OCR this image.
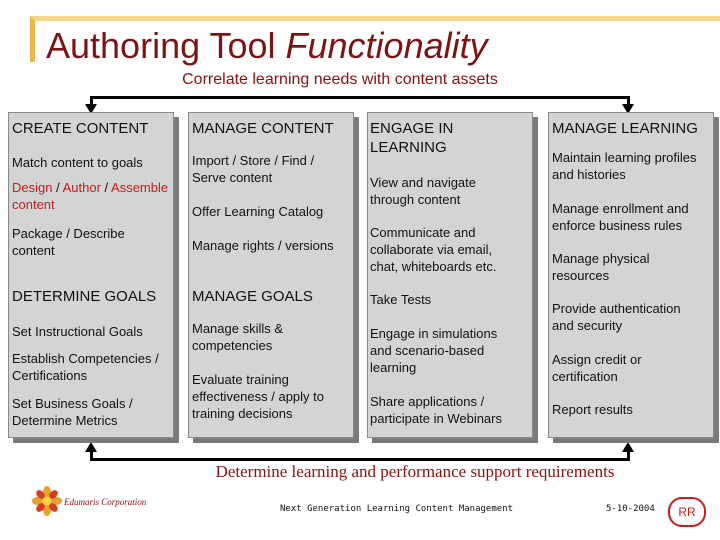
Authoring Tool Functionality
Correlate learning needs with content assets
CREATE CONTENT
Match content to goals
Design / Author / Assemble content
Package / Describe content
DETERMINE GOALS
Set Instructional Goals
Establish Competencies / Certifications
Set Business Goals / Determine Metrics
MANAGE CONTENT
Import / Store / Find / Serve content
Offer Learning Catalog
Manage rights / versions
MANAGE GOALS
Manage skills & competencies
Evaluate training effectiveness / apply to training decisions
ENGAGE IN LEARNING
View and navigate through content
Communicate and collaborate via email, chat, whiteboards etc.
Take Tests
Engage in simulations and scenario-based learning
Share applications / participate in Webinars
MANAGE LEARNING
Maintain learning profiles and histories
Manage enrollment and enforce business rules
Manage physical resources
Provide authentication and security
Assign credit or certification
Report results
Determine learning and performance support requirements
Edumaris Corporation
Next Generation Learning Content Management	5-10-2004	RR
